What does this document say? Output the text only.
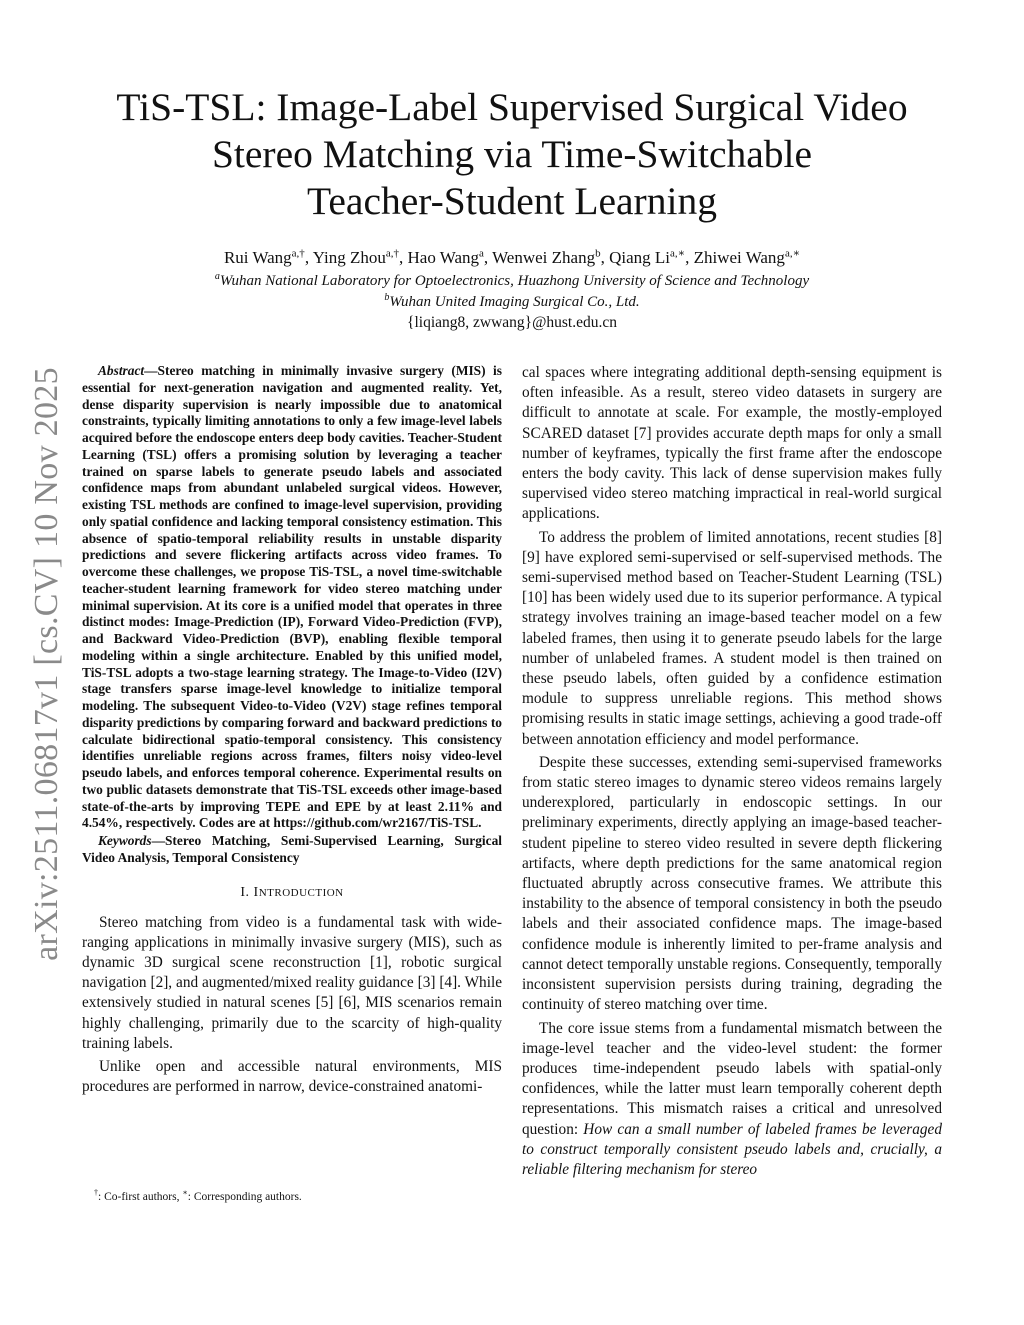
arXiv:2511.06817v1 [cs.CV] 10 Nov 2025
TiS-TSL: Image-Label Supervised Surgical Video
Stereo Matching via Time-Switchable
Teacher-Student Learning
Rui Wang$^{a,\dagger}$, Ying Zhou$^{a,\dagger}$, Hao Wang$^a$, Wenwei Zhang$^b$, Qiang $Li^{a,∗}$, Zhiwei Wang$^{a,∗}$
$^a$Wuhan National Laboratory for Optoelectronics, Huazhong University of Science and Technology
$^b$Wuhan United Imaging Surgical Co., Ltd.
{liqiang8, zwwang}@hust.edu.cn

Abstract—Stereo matching in minimally invasive surgery (MIS) is essential for next-generation navigation and augmented reality. Yet, dense disparity supervision is nearly impossible due to anatomical constraints, typically limiting annotations to only a few image-level labels acquired before the endoscope enters deep body cavities. Teacher-Student Learning (TSL) offers a promising solution by leveraging a teacher trained on sparse labels to generate pseudo labels and associated confidence maps from abundant unlabeled surgical videos. However, existing TSL methods are confined to image-level supervision, providing only spatial confidence and lacking temporal consistency estimation. This absence of spatio-temporal reliability results in unstable disparity predictions and severe flickering artifacts across video frames. To overcome these challenges, we propose TiS-TSL, a novel time-switchable teacher-student learning framework for video stereo matching under minimal supervision. At its core is a unified model that operates in three distinct modes: Image-Prediction (IP), Forward Video-Prediction (FVP), and Backward Video-Prediction (BVP), enabling flexible temporal modeling within a single architecture. Enabled by this unified model, TiS-TSL adopts a two-stage learning strategy. The Image-to-Video (I2V) stage transfers sparse image-level knowledge to initialize temporal modeling. The subsequent Video-to-Video (V2V) stage refines temporal disparity predictions by comparing forward and backward predictions to calculate bidirectional spatio-temporal consistency. This consistency identifies unreliable regions across frames, filters noisy video-level pseudo labels, and enforces temporal coherence. Experimental results on two public datasets demonstrate that TiS-TSL exceeds other image-based state-of-the-arts by improving TEPE and EPE by at least 2.11% and 4.54%, respectively. Codes are at https://github.com/wr2167/TiS-TSL.

Keywords—Stereo Matching, Semi-Supervised Learning, Surgical Video Analysis, Temporal Consistency

I. INTRODUCTION

Stereo matching from video is a fundamental task with wide-ranging applications in minimally invasive surgery (MIS), such as dynamic 3D surgical scene reconstruction [1], robotic surgical navigation [2], and augmented/mixed reality guidance [3] [4]. While extensively studied in natural scenes [5] [6], MIS scenarios remain highly challenging, primarily due to the scarcity of high-quality training labels.

Unlike open and accessible natural environments, MIS procedures are performed in narrow, device-constrained anatomi-

cal spaces where integrating additional depth-sensing equipment is often infeasible. As a result, stereo video datasets in surgery are difficult to annotate at scale. For example, the mostly-employed SCARED dataset [7] provides accurate depth maps for only a small number of keyframes, typically the first frame after the endoscope enters the body cavity. This lack of dense supervision makes fully supervised video stereo matching impractical in real-world surgical applications.

To address the problem of limited annotations, recent studies [8] [9] have explored semi-supervised or self-supervised methods. The semi-supervised method based on Teacher-Student Learning (TSL) [10] has been widely used due to its superior performance. A typical strategy involves training an image-based teacher model on a few labeled frames, then using it to generate pseudo labels for the large number of unlabeled frames. A student model is then trained on these pseudo labels, often guided by a confidence estimation module to suppress unreliable regions. This method shows promising results in static image settings, achieving a good trade-off between annotation efficiency and model performance.

Despite these successes, extending semi-supervised frameworks from static stereo images to dynamic stereo videos remains largely underexplored, particularly in endoscopic settings. In our preliminary experiments, directly applying an image-based teacher-student pipeline to stereo video resulted in severe depth flickering artifacts, where depth predictions for the same anatomical region fluctuated abruptly across consecutive frames. We attribute this instability to the absence of temporal consistency in both the pseudo labels and their associated confidence maps. The image-based confidence module is inherently limited to per-frame analysis and cannot detect temporally unstable regions. Consequently, temporally inconsistent supervision persists during training, degrading the continuity of stereo matching over time.

The core issue stems from a fundamental mismatch between the image-level teacher and the video-level student: the former produces time-independent pseudo labels with spatial-only confidences, while the latter must learn temporally coherent depth representations. This mismatch raises a critical and unresolved question: How can a small number of labeled frames be leveraged to construct temporally consistent pseudo labels and, crucially, a reliable filtering mechanism for stereo

†: Co-first authors, ∗: Corresponding authors.
